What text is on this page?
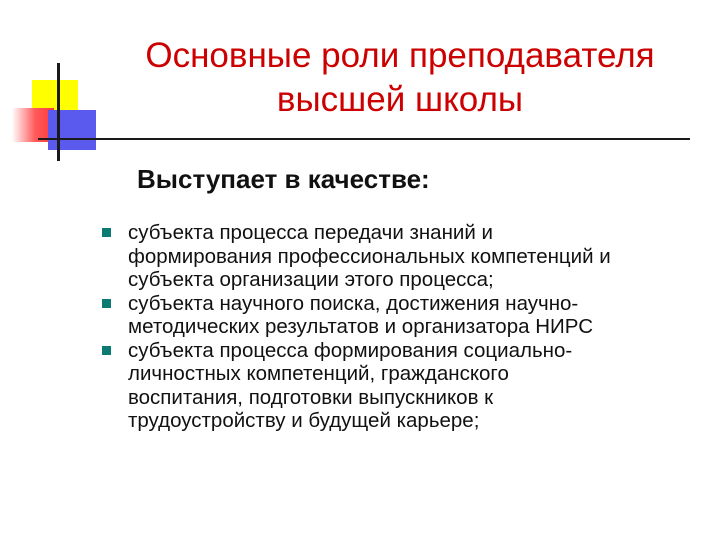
Основные роли преподавателя
высшей школы
Выступает в качестве:
субъекта процесса передачи знаний и
формирования профессиональных компетенций и
субъекта организации этого процесса;
субъекта научного поиска, достижения научно-
методических результатов и организатора НИРС
субъекта процесса формирования социально-
личностных компетенций, гражданского
воспитания, подготовки выпускников к
трудоустройству и будущей карьере;
